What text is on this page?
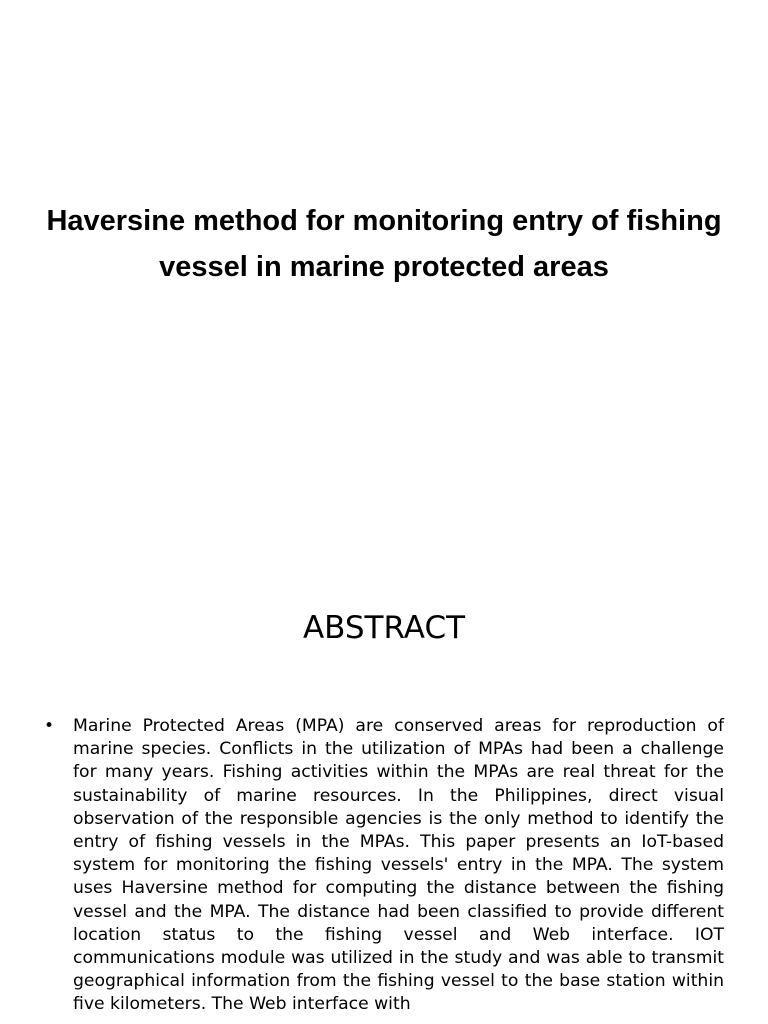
Haversine method for monitoring entry of fishing vessel in marine protected areas
ABSTRACT
•	Marine Protected Areas (MPA) are conserved areas for reproduction of marine species. Conflicts in the utilization of MPAs had been a challenge for many years. Fishing activities within the MPAs are real threat for the sustainability of marine resources. In the Philippines, direct visual observation of the responsible agencies is the only method to identify the entry of fishing vessels in the MPAs. This paper presents an IoT-based system for monitoring the fishing vessels' entry in the MPA. The system uses Haversine method for computing the distance between the fishing vessel and the MPA. The distance had been classified to provide different location status to the fishing vessel and Web interface. IOT communications module was utilized in the study and was able to transmit geographical information from the fishing vessel to the base station within five kilometers. The Web interface with
